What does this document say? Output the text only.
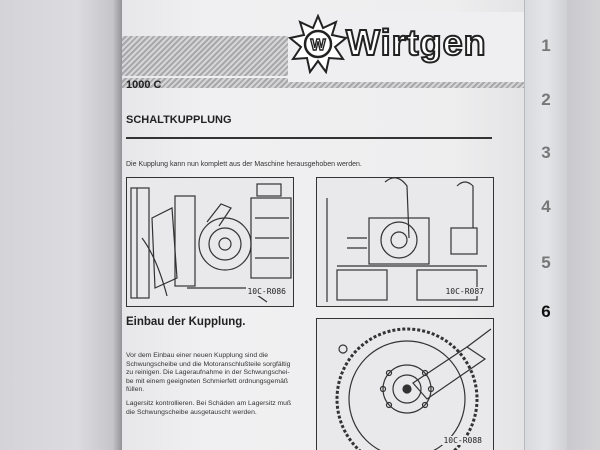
W Wirtgen
1000 C
SCHALTKUPPLUNG
Die Kupplung kann nun komplett aus der Maschine herausgehoben werden.
10C-R086	10C-R087
Einbau der Kupplung.
Vor dem Einbau einer neuen Kupplung sind die
Schwungscheibe und die Motoranschlußteile sorgfältig
zu reinigen. Die Lageraufnahme in der Schwungschei-
be mit einem geeigneten Schmierfett ordnungsgemäß
füllen.
Lagersitz kontrollieren. Bei Schäden am Lagersitz muß
die Schwungscheibe ausgetauscht werden.
10C-R088
1
2
3
4
5
6
